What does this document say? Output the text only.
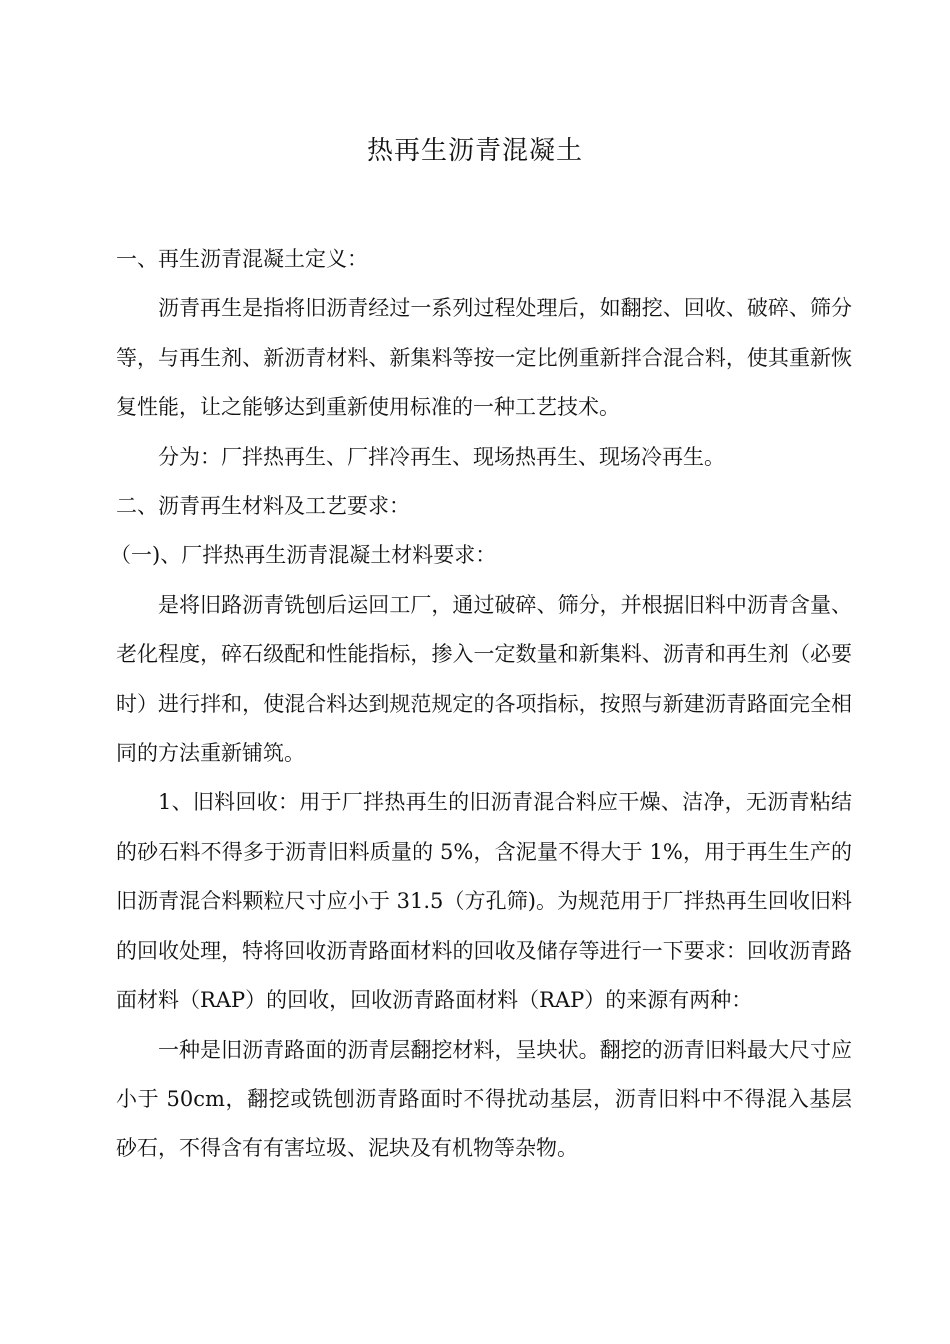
热再生沥青混凝土

一、再生沥青混凝土定义：

沥青再生是指将旧沥青经过一系列过程处理后，如翻挖、回收、破碎、筛分等，与再生剂、新沥青材料、新集料等按一定比例重新拌合混合料，使其重新恢复性能，让之能够达到重新使用标准的一种工艺技术。

分为：厂拌热再生、厂拌冷再生、现场热再生、现场冷再生。

二、沥青再生材料及工艺要求：

（一)、厂拌热再生沥青混凝土材料要求：

是将旧路沥青铣刨后运回工厂，通过破碎、筛分，并根据旧料中沥青含量、老化程度，碎石级配和性能指标，掺入一定数量和新集料、沥青和再生剂（必要时）进行拌和，使混合料达到规范规定的各项指标，按照与新建沥青路面完全相同的方法重新铺筑。

1、旧料回收：用于厂拌热再生的旧沥青混合料应干燥、洁净，无沥青粘结的砂石料不得多于沥青旧料质量的 5%，含泥量不得大于 1%，用于再生生产的旧沥青混合料颗粒尺寸应小于 31.5（方孔筛)。为规范用于厂拌热再生回收旧料的回收处理，特将回收沥青路面材料的回收及储存等进行一下要求：回收沥青路面材料（RAP）的回收，回收沥青路面材料（RAP）的来源有两种：

一种是旧沥青路面的沥青层翻挖材料，呈块状。翻挖的沥青旧料最大尺寸应小于 50cm，翻挖或铣刨沥青路面时不得扰动基层，沥青旧料中不得混入基层砂石，不得含有有害垃圾、泥块及有机物等杂物。
